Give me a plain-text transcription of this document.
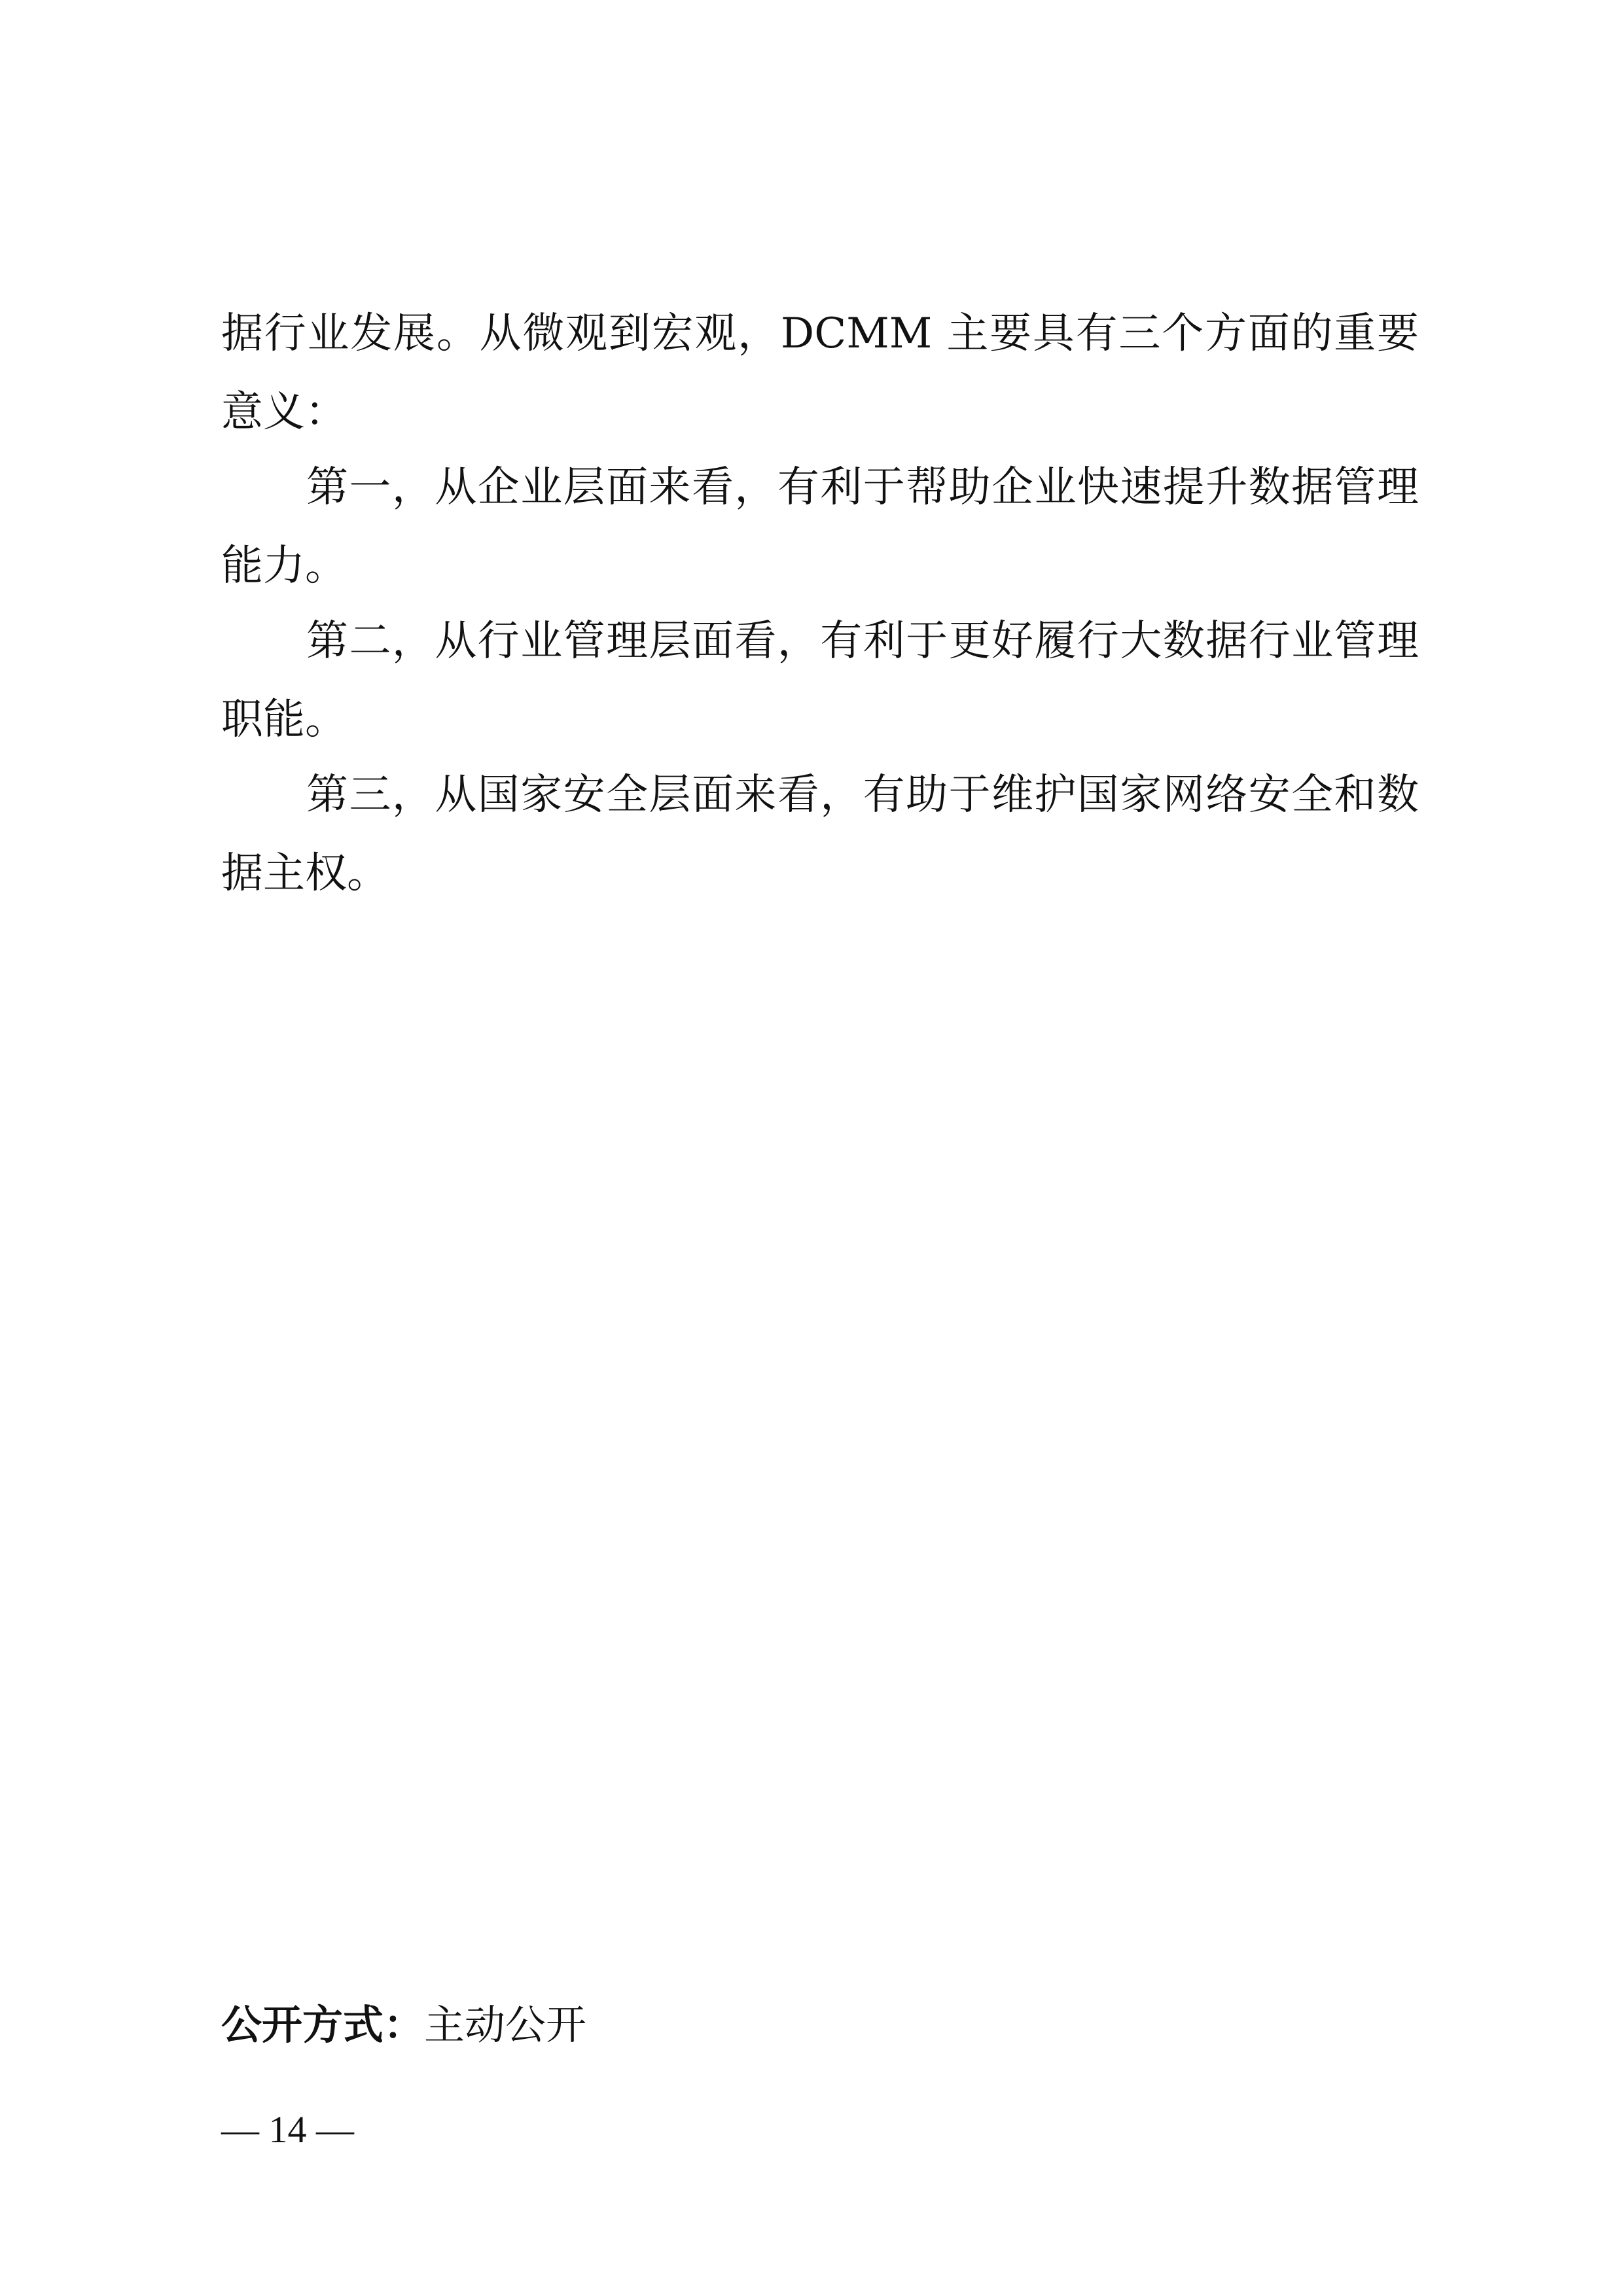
据行业发展。从微观到宏观，DCMM 主要具有三个方面的重要
意义：
第一，从企业层面来看，有利于帮助企业快速提升数据管理
能力。
第二，从行业管理层面看，有利于更好履行大数据行业管理
职能。
第三，从国家安全层面来看，有助于维护国家网络安全和数
据主权。
公开方式：主动公开
— 14 —
